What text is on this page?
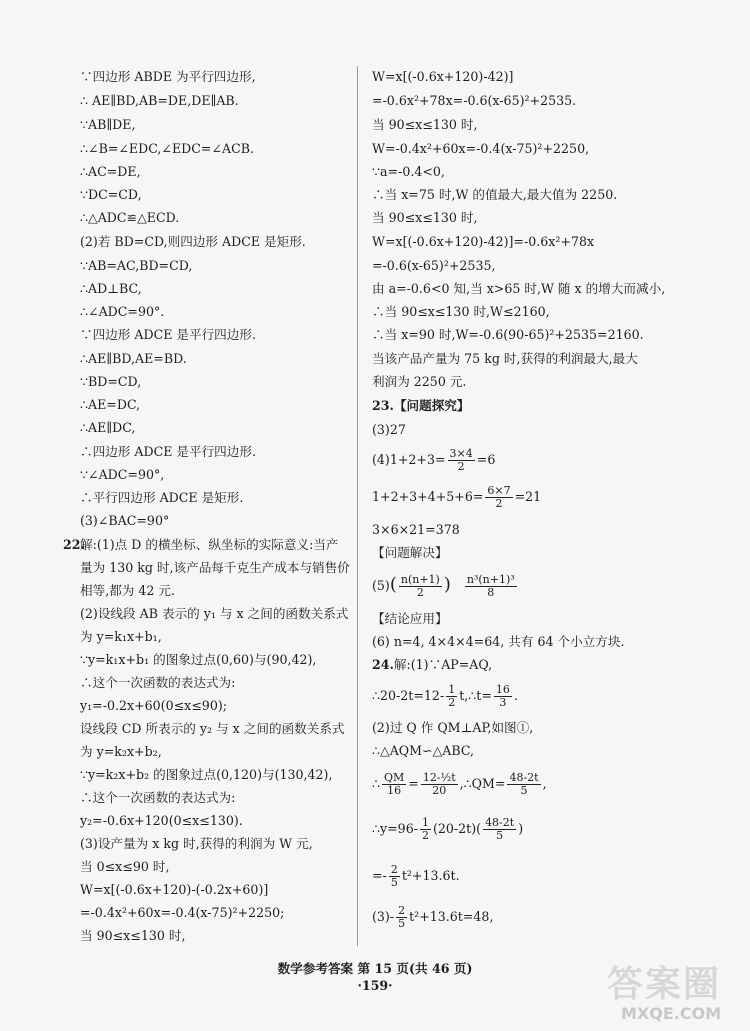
∵四边形 ABDE 为平行四边形,
∴ AE∥BD,AB=DE,DE∥AB.
∵AB∥DE,
∴∠B=∠EDC,∠EDC=∠ACB.
∴AC=DE,
∵DC=CD,
∴△ADC≌△ECD.
(2)若 BD=CD,则四边形 ADCE 是矩形.
∵AB=AC,BD=CD,
∴AD⊥BC,
∴∠ADC=90°.
∵四边形 ADCE 是平行四边形.
∴AE∥BD,AE=BD.
∵BD=CD,
∴AE=DC,
∴AE∥DC,
∴四边形 ADCE 是平行四边形.
∵∠ADC=90°,
∴平行四边形 ADCE 是矩形.
(3)∠BAC=90°
22.
解:(1)点 D 的横坐标、纵坐标的实际意义:当产
量为 130 kg 时,该产品每千克生产成本与销售价
相等,都为 42 元.
(2)设线段 AB 表示的 y₁ 与 x 之间的函数关系式
为 y=k₁x+b₁,
∵y=k₁x+b₁ 的图象过点(0,60)与(90,42),
∴这个一次函数的表达式为:
y₁=-0.2x+60(0≤x≤90);
设线段 CD 所表示的 y₂ 与 x 之间的函数关系式
为 y=k₂x+b₂,
∵y=k₂x+b₂ 的图象过点(0,120)与(130,42),
∴这个一次函数的表达式为:
y₂=-0.6x+120(0≤x≤130).
(3)设产量为 x kg 时,获得的利润为 W 元,
当 0≤x≤90 时,
W=x[(-0.6x+120)-(-0.2x+60)]
=-0.4x²+60x=-0.4(x-75)²+2250;
当 90≤x≤130 时,
W=x[(-0.6x+120)-42)]
=-0.6x²+78x=-0.6(x-65)²+2535.
当 90≤x≤130 时,
W=-0.4x²+60x=-0.4(x-75)²+2250,
∵a=-0.4<0,
∴当 x=75 时,W 的值最大,最大值为 2250.
当 90≤x≤130 时,
W=x[(-0.6x+120)-42)]=-0.6x²+78x
=-0.6(x-65)²+2535,
由 a=-0.6<0 知,当 x>65 时,W 随 x 的增大而减小,
∴当 90≤x≤130 时,W≤2160,
∴当 x=90 时,W=-0.6(90-65)²+2535=2160.
当该产品产量为 75 kg 时,获得的利润最大,最大
利润为 2250 元.
23.【问题探究】
(3)27
$(4)1+2+3= \frac{3\times 4}{2} =6$
$1+2+3+4+5+6= \frac{6\times 7}{2} =21$
3×6×21=378
【问题解决】
$(5)( \frac{n(n+1)}{2}$ ) $\frac{\text{n³(n+1)³}}{8}$
【结论应用】
(6) n=4, 4×4×4=64, 共有 64 个小立方块.
24.解:(1)∵AP=AQ,
∴20-2t=12- $\frac{1}{2}$ t,∴t= $\frac{16}{3}$ .
(2)过 Q 作 QM⊥AP,如图①,
∴△AQM∽△ABC,
∴ $\frac{QM}{16} = \frac{\text{12-½t}}{20}$ ,∴QM= $\frac{48-2t}{5}$ ,
∴y=96- $\frac{1}{2} (20-2t)( \frac{48-2t}{5}$ )
=- $\frac{2}{5} t^2+13.6t$.
$(3)- \frac{2}{5} t^2+13.6t=48$,
数学参考答案 第 15 页(共 46 页)
·159·	答案圈
MXQE.COM
